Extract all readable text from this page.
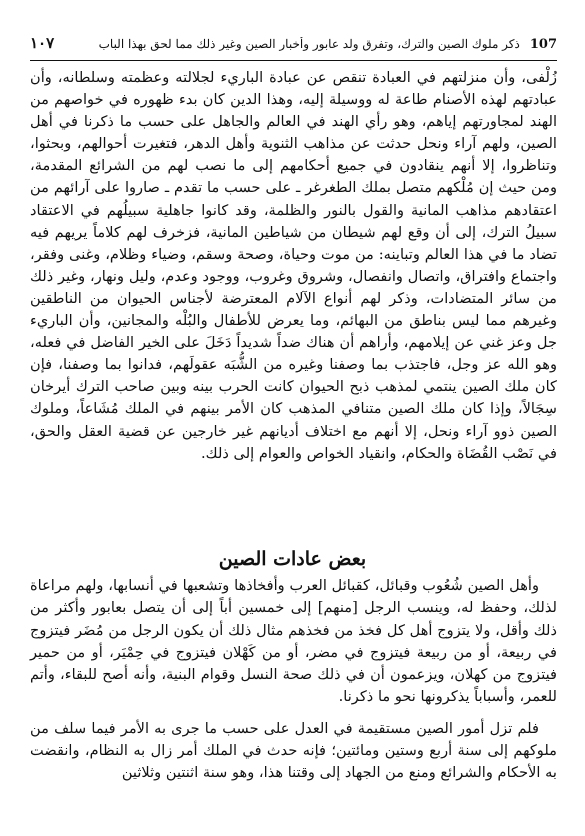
١٠٧	ذكر ملوك الصين والترك، وتفرق ولد عابور وأخبار الصين وغير ذلك مما لحق بهذا الباب 107

زُلْفى، وأن منزلتهم في العبادة تنقص عن عبادة الباريء لجلالته وعظمته وسلطانه، وأن عبادتهم لهذه الأصنام طاعة له ووسيلة إليه، وهذا الدين كان بدء ظهوره في خواصهم من الهند لمجاورتهم إياهم، وهو رأي الهند في العالم والجاهل على حسب ما ذكرنا في أهل الصين، ولهم آراء ونحل حدثت عن مذاهب الثنوية وأهل الدهر، فتغيرت أحوالهم، وبحثوا، وتناظروا، إلا أنهم ينقادون في جميع أحكامهم إلى ما نصب لهم من الشرائع المقدمة، ومن حيث إن مُلْكهم متصل بملك الطغرغر ـ على حسب ما تقدم ـ صاروا على آرائهم من اعتقادهم مذاهب المانية والقول بالنور والظلمة، وقد كانوا جاهلية سبيلُهم في الاعتقاد سبيلُ الترك، إلى أن وقع لهم شيطان من شياطين المانية، فزخرف لهم كلاماً يريهم فيه تضاد ما في هذا العالم وتباينه: من موت وحياة، وصحة وسقم، وضياء وظلام، وغنى وفقر، واجتماع وافتراق، واتصال وانفصال، وشروق وغروب، ووجود وعدم، وليل ونهار، وغير ذلك من سائر المتضادات، وذكر لهم أنواع الآلام المعترضة لأجناس الحيوان من الناطقين وغيرهم مما ليس بناطق من البهائم، وما يعرض للأطفال والبُلْه والمجانين، وأن الباريء جل وعز غني عن إيلامهم، وأراهم أن هناك ضداً شديداً دَخَلَ على الخير الفاضل في فعله، وهو الله عز وجل، فاجتذب بما وصفنا وغيره من الشُّبَه عقولَهم، فدانوا بما وصفنا، فإن كان ملك الصين ينتمي لمذهب ذبح الحيوان كانت الحرب بينه وبين صاحب الترك أيرخان سِجَالاً، وإذا كان ملك الصين متنافي المذهب كان الأمر بينهم في الملك مُشَاعاً، وملوك الصين ذوو آراء ونحل، إلا أنهم مع اختلاف أديانهم غير خارجين عن قضية العقل والحق، في نَصْب القُضَاة والحكام، وانقياد الخواص والعوام إلى ذلك.

بعض عادات الصين

وأهل الصين شُعُوب وقبائل، كقبائل العرب وأفخاذها وتشعبها في أنسابها، ولهم مراعاة لذلك، وحفظ له، وينسب الرجل [منهم] إلى خمسين أباً إلى أن يتصل بعابور وأكثر من ذلك وأقل، ولا يتزوج أهل كل فخذ من فخذهم مثال ذلك أن يكون الرجل من مُضَر فيتزوج في ربيعة، أو من ربيعة فيتزوج في مضر، أو من كَهْلان فيتزوج في حِمْيَر، أو من حمير فيتزوج من كهلان، ويزعمون أن في ذلك صحة النسل وقوام البنية، وأنه أصح للبقاء، وأتم للعمر، وأسباباً يذكرونها نحو ما ذكرنا.

فلم تزل أمور الصين مستقيمة في العدل على حسب ما جرى به الأمر فيما سلف من ملوكهم إلى سنة أربع وستين ومائتين؛ فإنه حدث في الملك أمر زال به النظام، وانقضت به الأحكام والشرائع ومنع من الجهاد إلى وقتنا هذا، وهو سنة اثنتين وثلاثين
